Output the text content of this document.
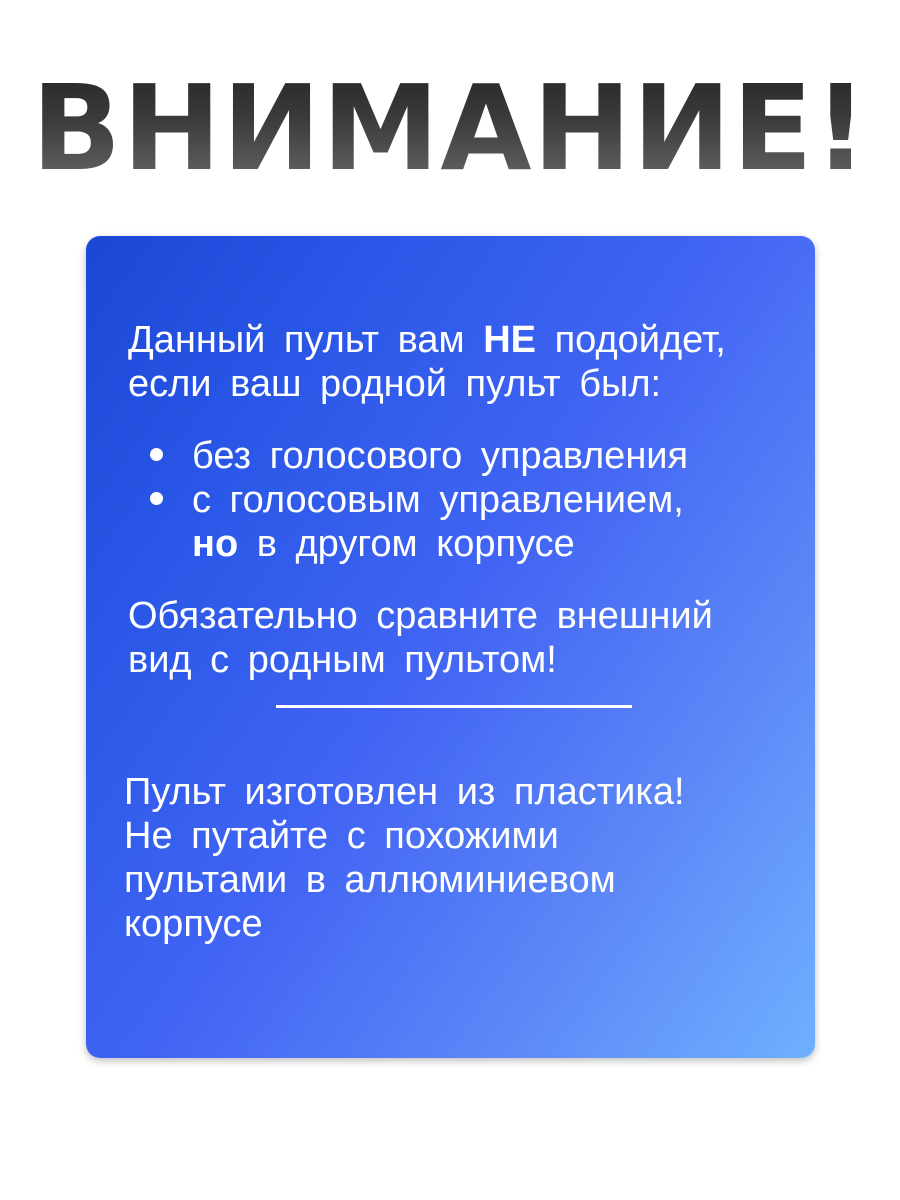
ВНИМАНИЕ!
Данный пульт вам НЕ подойдет,
если ваш родной пульт был:
без голосового управления
с голосовым управлением,
но в другом корпусе
Обязательно сравните внешний
вид с родным пультом!
Пульт изготовлен из пластика!
Не путайте с похожими
пультами в аллюминиевом
корпусе
